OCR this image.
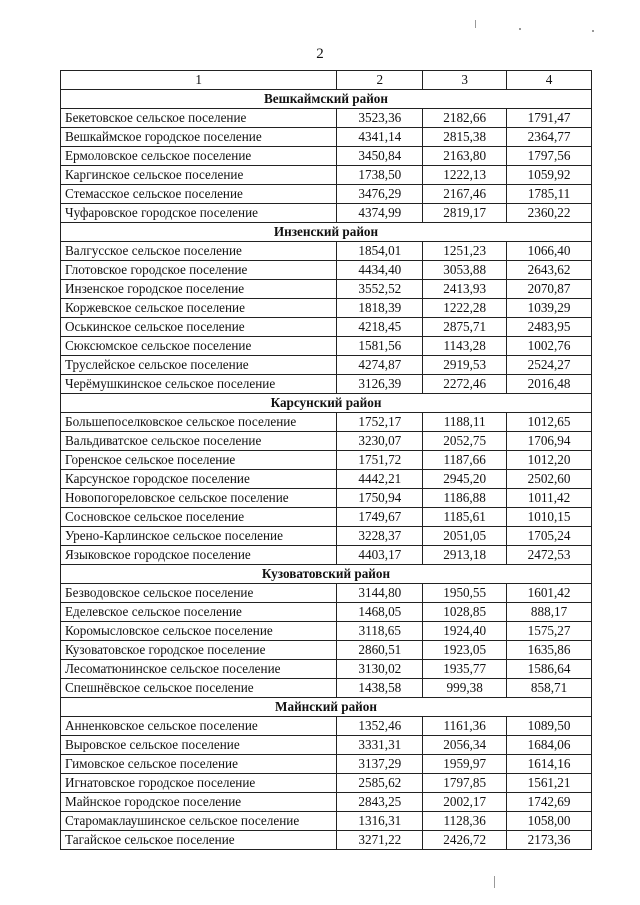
2
1	2	3	4
Вешкаймский район			
Бекетовское сельское поселение	3523,36	2182,66	1791,47
Вешкаймское городское поселение	4341,14	2815,38	2364,77
Ермоловское сельское поселение	3450,84	2163,80	1797,56
Каргинское сельское поселение	1738,50	1222,13	1059,92
Стемасское сельское поселение	3476,29	2167,46	1785,11
Чуфаровское городское поселение	4374,99	2819,17	2360,22
Инзенский район			
Валгусское сельское поселение	1854,01	1251,23	1066,40
Глотовское городское поселение	4434,40	3053,88	2643,62
Инзенское городское поселение	3552,52	2413,93	2070,87
Коржевское сельское поселение	1818,39	1222,28	1039,29
Оськинское сельское поселение	4218,45	2875,71	2483,95
Сюксюмское сельское поселение	1581,56	1143,28	1002,76
Труслейское сельское поселение	4274,87	2919,53	2524,27
Черёмушкинское сельское поселение	3126,39	2272,46	2016,48
Карсунский район			
Большепоселковское сельское поселение	1752,17	1188,11	1012,65
Вальдиватское сельское поселение	3230,07	2052,75	1706,94
Горенское сельское поселение	1751,72	1187,66	1012,20
Карсунское городское поселение	4442,21	2945,20	2502,60
Новопогореловское сельское поселение	1750,94	1186,88	1011,42
Сосновское сельское поселение	1749,67	1185,61	1010,15
Урено-Карлинское сельское поселение	3228,37	2051,05	1705,24
Языковское городское поселение	4403,17	2913,18	2472,53
Кузоватовский район			
Безводовское сельское поселение	3144,80	1950,55	1601,42
Еделевское сельское поселение	1468,05	1028,85	888,17
Коромысловское сельское поселение	3118,65	1924,40	1575,27
Кузоватовское городское поселение	2860,51	1923,05	1635,86
Лесоматюнинское сельское поселение	3130,02	1935,77	1586,64
Спешнёвское сельское поселение	1438,58	999,38	858,71
Майнский район			
Анненковское сельское поселение	1352,46	1161,36	1089,50
Выровское сельское поселение	3331,31	2056,34	1684,06
Гимовское сельское поселение	3137,29	1959,97	1614,16
Игнатовское городское поселение	2585,62	1797,85	1561,21
Майнское городское поселение	2843,25	2002,17	1742,69
Старомаклаушинское сельское поселение	1316,31	1128,36	1058,00
Тагайское сельское поселение	3271,22	2426,72	2173,36
